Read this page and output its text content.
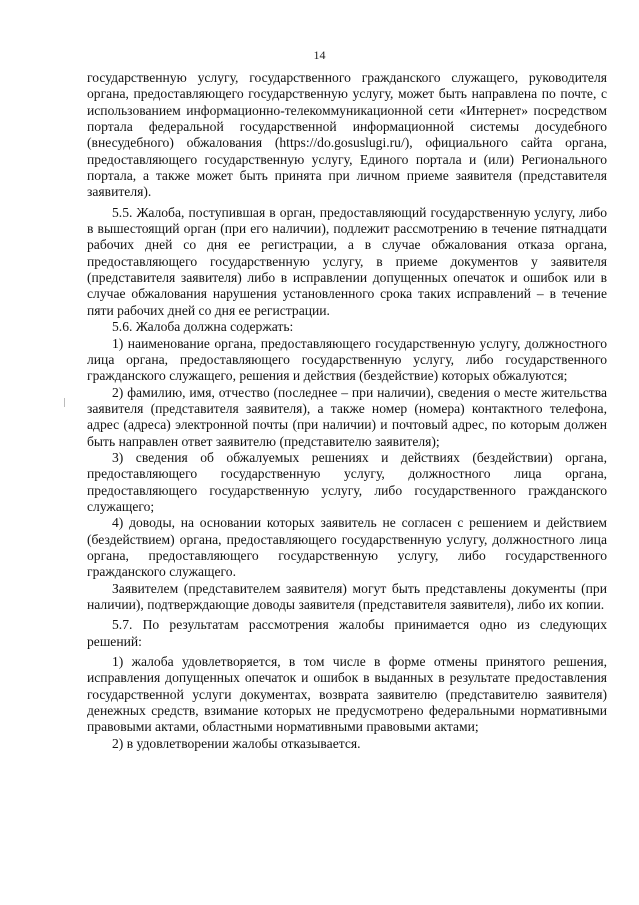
14

государственную услугу, государственного гражданского служащего, руководителя органа, предоставляющего государственную услугу, может быть направлена по почте, с использованием информационно-телекоммуникационной сети «Интернет» посредством портала федеральной государственной информационной системы досудебного (внесудебного) обжалования (https://do.gosuslugi.ru/), официального сайта органа, предоставляющего государственную услугу, Единого портала и (или) Регионального портала, а также может быть принята при личном приеме заявителя (представителя заявителя).

5.5. Жалоба, поступившая в орган, предоставляющий государственную услугу, либо в вышестоящий орган (при его наличии), подлежит рассмотрению в течение пятнадцати рабочих дней со дня ее регистрации, а в случае обжалования отказа органа, предоставляющего государственную услугу, в приеме документов у заявителя (представителя заявителя) либо в исправлении допущенных опечаток и ошибок или в случае обжалования нарушения установленного срока таких исправлений – в течение пяти рабочих дней со дня ее регистрации.

5.6. Жалоба должна содержать:

1) наименование органа, предоставляющего государственную услугу, должностного лица органа, предоставляющего государственную услугу, либо государственного гражданского служащего, решения и действия (бездействие) которых обжалуются;

2) фамилию, имя, отчество (последнее – при наличии), сведения о месте жительства заявителя (представителя заявителя), а также номер (номера) контактного телефона, адрес (адреса) электронной почты (при наличии) и почтовый адрес, по которым должен быть направлен ответ заявителю (представителю заявителя);

3) сведения об обжалуемых решениях и действиях (бездействии) органа, предоставляющего государственную услугу, должностного лица органа, предоставляющего государственную услугу, либо государственного гражданского служащего;

4) доводы, на основании которых заявитель не согласен с решением и действием (бездействием) органа, предоставляющего государственную услугу, должностного лица органа, предоставляющего государственную услугу, либо государственного гражданского служащего.

Заявителем (представителем заявителя) могут быть представлены документы (при наличии), подтверждающие доводы заявителя (представителя заявителя), либо их копии.

5.7. По результатам рассмотрения жалобы принимается одно из следующих решений:

1) жалоба удовлетворяется, в том числе в форме отмены принятого решения, исправления допущенных опечаток и ошибок в выданных в результате предоставления государственной услуги документах, возврата заявителю (представителю заявителя) денежных средств, взимание которых не предусмотрено федеральными нормативными правовыми актами, областными нормативными правовыми актами;

2) в удовлетворении жалобы отказывается.
